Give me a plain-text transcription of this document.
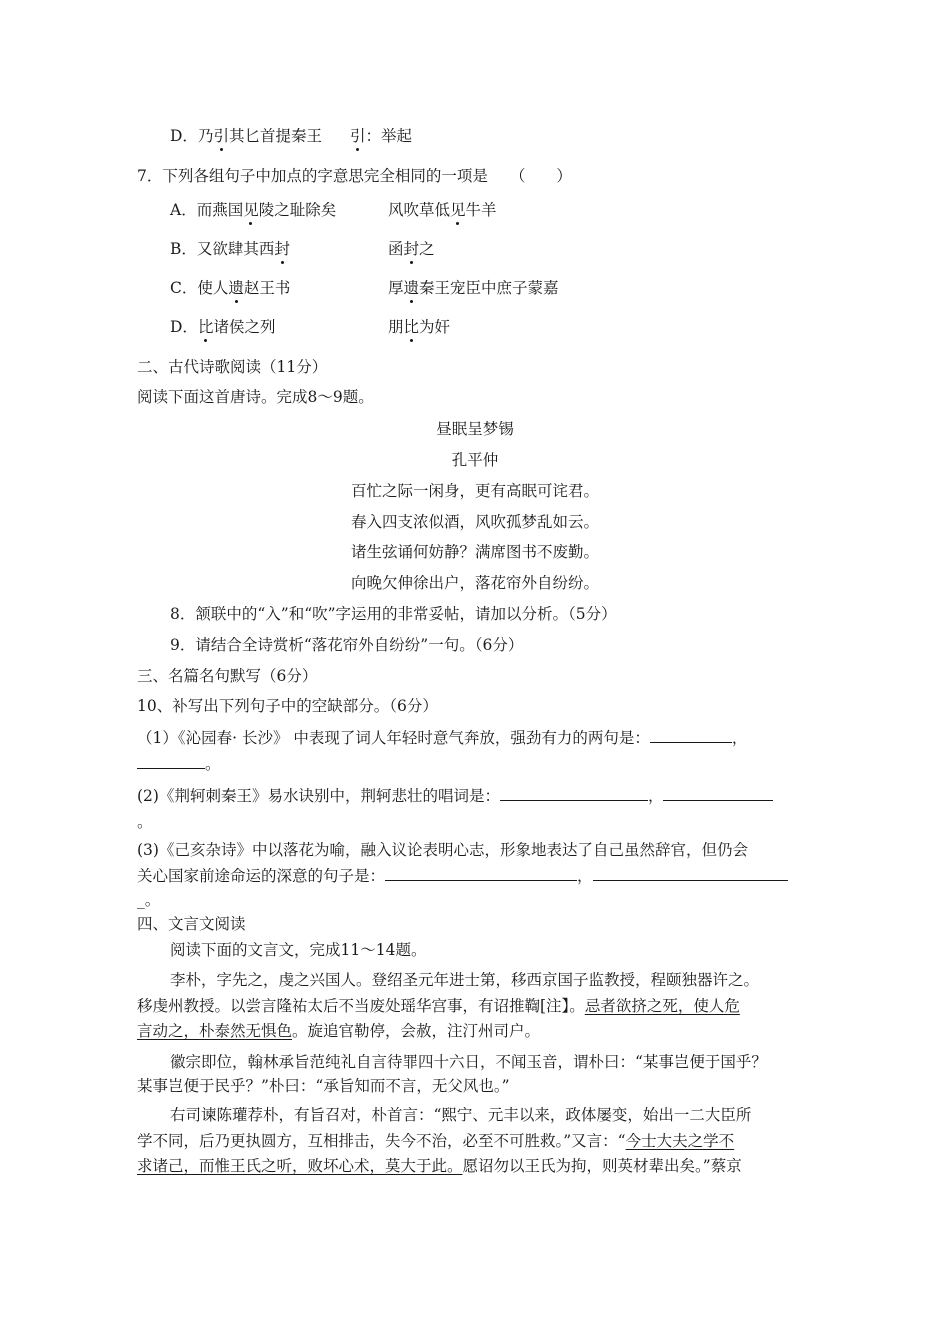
D．乃引其匕首提秦王 引：举起
7．下列各组句子中加点的字意思完全相同的一项是 （　　）
A．而燕国见陵之耻除矣	风吹草低见牛羊
B．又欲肆其西封	函封之
C．使人遗赵王书	厚遗秦王宠臣中庶子蒙嘉
D．比诸侯之列	朋比为奸
二、古代诗歌阅读（11分）
阅读下面这首唐诗。完成8～9题。
昼眠呈梦锡
孔平仲
百忙之际一闲身，更有高眠可诧君。
春入四支浓似酒，风吹孤梦乱如云。
诸生弦诵何妨静？满席图书不废勤。
向晚欠伸徐出户，落花帘外自纷纷。
8．颔联中的“入”和“吹”字运用的非常妥帖，请加以分析。（5分）
9．请结合全诗赏析“落花帘外自纷纷”一句。（6分）
三、名篇名句默写（6分）
10、补写出下列句子中的空缺部分。（6分）
（1）《沁园春· 长沙》 中表现了词人年轻时意气奔放，强劲有力的两句是：	，
。
(2)《荆轲刺秦王》易水诀别中，荆轲悲壮的唱词是：	，
。
(3)《己亥杂诗》中以落花为喻，融入议论表明心志，形象地表达了自己虽然辞官，但仍会
关心国家前途命运的深意的句子是：	，
_。
四、文言文阅读
阅读下面的文言文，完成11～14题。
李朴，字先之，虔之兴国人。登绍圣元年进士第，移西京国子监教授，程颐独器许之。
移虔州教授。以尝言隆祐太后不当废处瑶华宫事，有诏推鞫[注】。忌者欲挤之死，使人危
言动之，朴泰然无惧色。旋追官勒停，会赦，注汀州司户。
徽宗即位，翰林承旨范纯礼自言待罪四十六日，不闻玉音，谓朴曰：“某事岂便于国乎？
某事岂便于民乎？”朴曰：“承旨知而不言，无父风也。”
右司谏陈瓘荐朴，有旨召对，朴首言：“熙宁、元丰以来，政体屡变，始出一二大臣所
学不同，后乃更执圆方，互相排击，失今不治，必至不可胜救。”又言：“今士大夫之学不
求诸己，而惟王氏之听，败坏心术，莫大于此。愿诏勿以王氏为拘，则英材辈出矣。”蔡京
